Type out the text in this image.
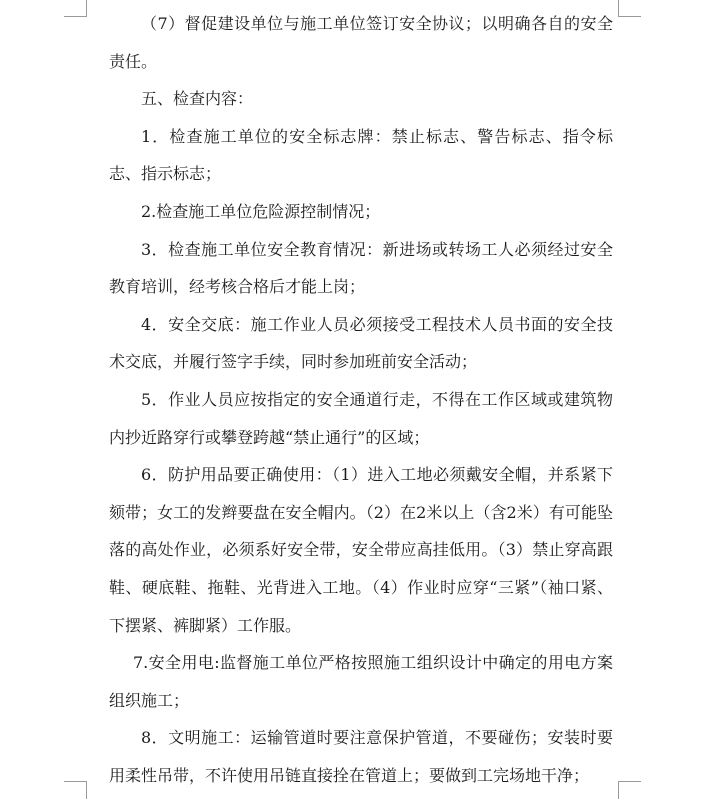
（7）督促建设单位与施工单位签订安全协议；以明确各自的安全责任。

五、检查内容：

1．检查施工单位的安全标志牌：禁止标志、警告标志、指令标志、指示标志；

2.检查施工单位危险源控制情况；

3．检查施工单位安全教育情况：新进场或转场工人必须经过安全教育培训，经考核合格后才能上岗；

4．安全交底：施工作业人员必须接受工程技术人员书面的安全技术交底，并履行签字手续，同时参加班前安全活动；

5．作业人员应按指定的安全通道行走，不得在工作区域或建筑物内抄近路穿行或攀登跨越“禁止通行”的区域；

6．防护用品要正确使用：（1）进入工地必须戴安全帽，并系紧下颏带；女工的发辫要盘在安全帽内。（2）在2米以上（含2米）有可能坠落的高处作业，必须系好安全带，安全带应高挂低用。（3）禁止穿高跟鞋、硬底鞋、拖鞋、光背进入工地。（4）作业时应穿“三紧”（袖口紧、下摆紧、裤脚紧）工作服。

7.安全用电:监督施工单位严格按照施工组织设计中确定的用电方案组织施工；

8．文明施工：运输管道时要注意保护管道，不要碰伤；安装时要用柔性吊带，不许使用吊链直接拴在管道上；要做到工完场地干净；
